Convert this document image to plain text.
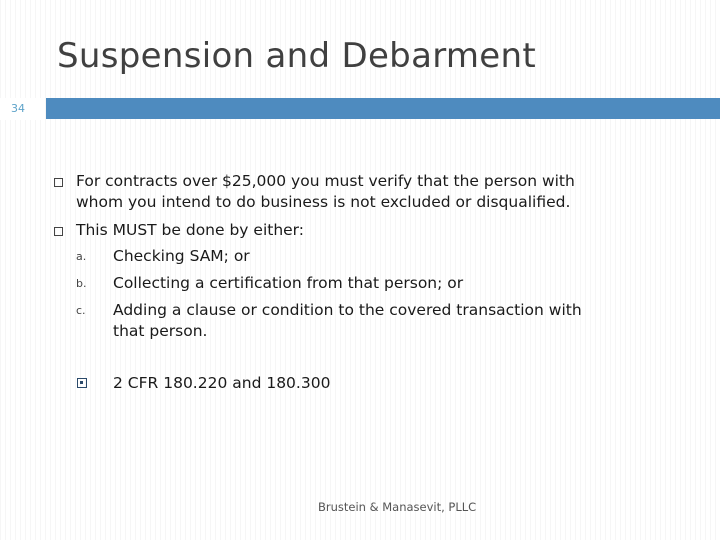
Suspension and Debarment
34
For contracts over $25,000 you must verify that the person with
whom you intend to do business is not excluded or disqualified.
This MUST be done by either:
a. Checking SAM; or
b. Collecting a certification from that person; or
c. Adding a clause or condition to the covered transaction with
that person.
2 CFR 180.220 and 180.300
Brustein & Manasevit, PLLC
